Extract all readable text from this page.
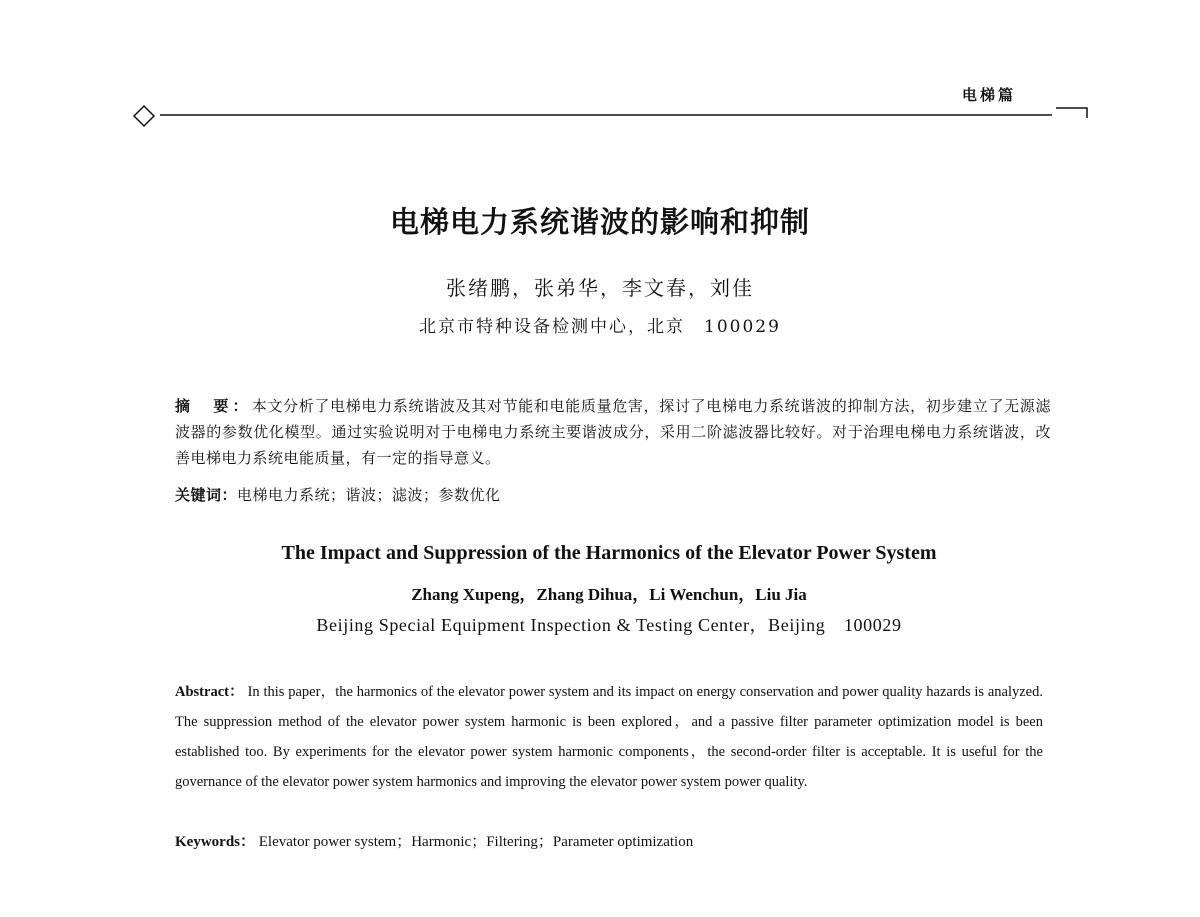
电梯篇
电梯电力系统谐波的影响和抑制
张绪鹏，张弟华，李文春，刘佳
北京市特种设备检测中心，北京　100029
摘　要：本文分析了电梯电力系统谐波及其对节能和电能质量危害，探讨了电梯电力系统谐波的抑制方法，初步建立了无源滤波器的参数优化模型。通过实验说明对于电梯电力系统主要谐波成分，采用二阶滤波器比较好。对于治理电梯电力系统谐波，改善电梯电力系统电能质量，有一定的指导意义。
关键词：电梯电力系统；谐波；滤波；参数优化
The Impact and Suppression of the Harmonics of the Elevator Power System
Zhang Xupeng，Zhang Dihua，Li Wenchun，Liu Jia
Beijing Special Equipment Inspection & Testing Center，Beijing　100029
Abstract： In this paper，the harmonics of the elevator power system and its impact on energy conservation and power quality hazards is analyzed. The suppression method of the elevator power system harmonic is been explored，and a passive filter parameter optimization model is been established too. By experiments for the elevator power system harmonic components，the second-order filter is acceptable. It is useful for the governance of the elevator power system harmonics and improving the elevator power system power quality.
Keywords： Elevator power system；Harmonic；Filtering；Parameter optimization
